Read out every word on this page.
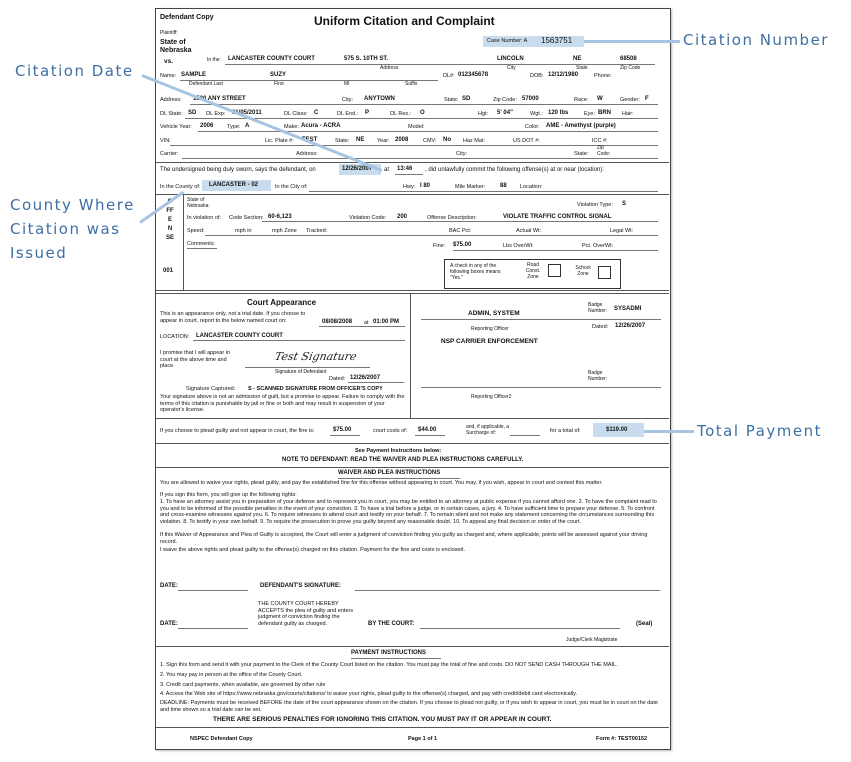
Defendant Copy	Uniform Citation and Complaint
Plaintiff:
State of
Nebraska
vs.
Case Number: A 1563751
In the: LANCASTER COUNTY COURT	575 S. 10TH ST.	LINCOLN	NE	68508
Address	City	State	Zip Code
Name: SAMPLE	SUZY
Defendant Last	First	MI	Suffix
DL#: 012345678	DOB: 12/12/1980	Phone:
Address: 1520 ANY STREET	City: ANYTOWN	State: SD	Zip Code: 57000	Race: W	Gender: F
DL State: SD DL Exp: 01/05/2011	DL Class: C	DL End.: P	DL Res.: O	Hgt: 5' 04"	Wgt.: 120 lbs	Eye: BRN Hair:
Vehicle Year: 2006 Type: A	Make: Acura - ACRA	Model:	Color: AME - Amethyst (purple)
VIN:	Lic. Plate #: TEST	State: NE Year: 2008	CMV: No Haz Mat:	US DOT #:	ICC #:
Carrier:	Address:	City:	State:
Zip Code:
The undersigned being duly sworn, says the defendant, on	12/26/2007 at 13:46 , did unlawfully commit the following offense(s) at or near (location):
In the County of: LANCASTER - 02	In the City of:	Hwy: I 80	Mile Marker: 88 Location:
OFFENSE
001
State of
Nebraska:	Violation Type: S
In violation of: Code Section: 60-6,123	Violation Code: 200	Offense Description:	VIOLATE TRAFFIC CONTROL SIGNAL
Speed:	mph in	mph Zone Tracked:	BAC Pct:	Actual Wt:	Legal Wt:
Comments:	Fine: $75.00	Lbs OverWt:	Pct. OverWt:
A check in any of the following boxes means "Yes."
Road Const. Zone
School Zone
Court Appearance
This is an appearance only, not a trial date. If you choose to appear in court, report to the below named court on:	08/08/2008 at 01:00 PM
LOCATION: LANCASTER COUNTY COURT
I promise that I will appear in court at the above time and place.
Test Signature
Signature of Defendant
Dated: 12/26/2007
Signature Captured: S - SCANNED SIGNATURE FROM OFFICER'S COPY
Your signature above is not an admission of guilt, but a promise to appear. Failure to comply with the terms of this citation is punishable by jail or fine or both and may result in suspension of your operator's license.
ADMIN, SYSTEM
Badge Number:	SYSADMI
Reporting Officer	Dated: 12/26/2007
NSP CARRIER ENFORCEMENT
Badge Number:
Reporting Officer2
If you choose to plead guilty and not appear in court, the fine is:	$75.00	court costs of: $44.00	and, if applicable, a Surcharge of:	for a total of:	$119.00
See Payment Instructions below:
NOTE TO DEFENDANT: READ THE WAIVER AND PLEA INSTRUCTIONS CAREFULLY.
WAIVER AND PLEA INSTRUCTIONS
You are allowed to waive your rights, plead guilty, and pay the established fine for this offense without appearing in court. You may, if you wish, appear in court and contest this matter.
If you sign this form, you will give up the following rights:
1. To have an attorney assist you in preparation of your defense and to represent you in court, you may be entitled to an attorney at public expense if you cannot afford one. 2. To have the complaint read to you and to be informed of the possible penalties in the event of your conviction. 3. To have a trial before a judge, or in certain cases, a jury. 4. To have sufficient time to prepare your defense. 5. To confront and cross-examine witnesses against you. 6. To require witnesses to attend court and testify on your behalf. 7. To remain silent and not make any statement concerning the circumstances surrounding this violation. 8. To testify in your own behalf. 9. To require the prosecution to prove you guilty beyond any reasonable doubt. 10. To appeal any final decision or order of the court.
If this Waiver of Appearance and Plea of Guilty is accepted, the Court will enter a judgment of conviction finding you guilty as charged and, where applicable, points will be assessed against your driving record.
I waive the above rights and plead guilty to the offense(s) charged on this citation. Payment for the fine and costs is enclosed.
DATE:	DEFENDANT'S SIGNATURE:
THE COUNTY COURT HEREBY ACCEPTS the plea of guilty and enters judgment of conviction finding the defendant guilty as charged.
DATE:	BY THE COURT:	(Seal)
Judge/Clerk Magistrate
PAYMENT INSTRUCTIONS
1. Sign this form and send it with your payment to the Clerk of the County Court listed on the citation. You must pay the total of fine and costs. DO NOT SEND CASH THROUGH THE MAIL.
2. You may pay in person at the office of the County Court.
3. Credit card payments, when available, are governed by other rule
4. Access the Web site of https://www.nebraska.gov/courts/citations/ to waive your rights, plead guilty to the offense(s) charged, and pay with credit/debit card electronically.
DEADLINE: Payments must be received BEFORE the date of the court appearance shown on the citation. If you choose to plead not guilty, or if you wish to appear in court, you must be in court on the date and time shown so a trial date can be set.
THERE ARE SERIOUS PENALTIES FOR IGNORING THIS CITATION. YOU MUST PAY IT OR APPEAR IN COURT.
NSPEC Defendant Copy	Page 1 of 1	Form #: TEST00152
Citation Number
Citation Date
County Where
Citation was
Issued
Total Payment
